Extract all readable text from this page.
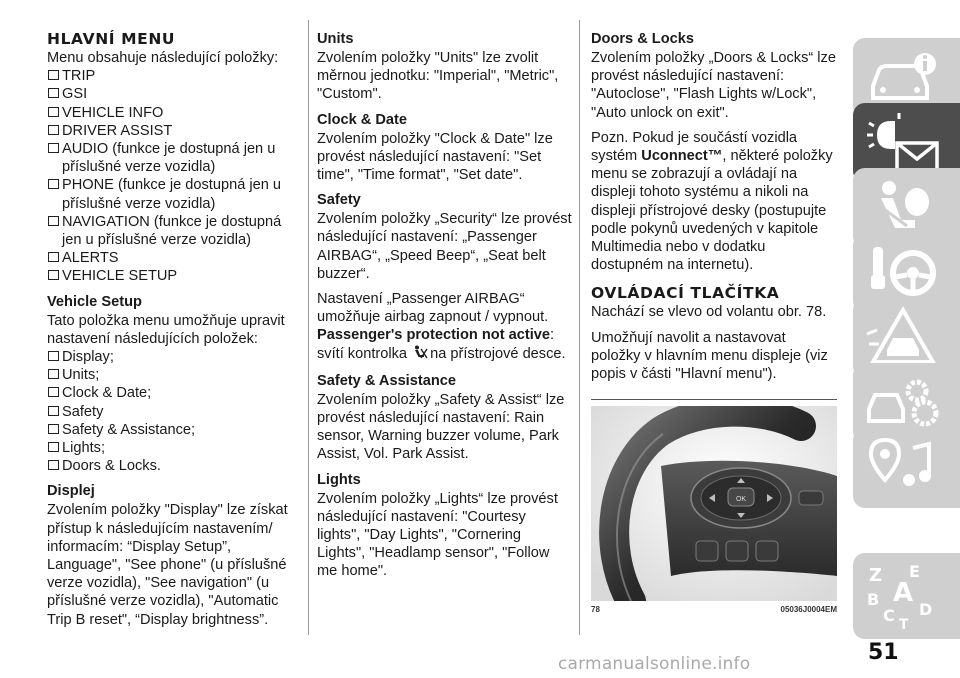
HLAVNÍ MENU
Menu obsahuje následující položky:
TRIP
GSI
VEHICLE INFO
DRIVER ASSIST
AUDIO (funkce je dostupná jen u příslušné verze vozidla)
PHONE (funkce je dostupná jen u příslušné verze vozidla)
NAVIGATION (funkce je dostupná jen u příslušné verze vozidla)
ALERTS
VEHICLE SETUP
Vehicle Setup
Tato položka menu umožňuje upravit nastavení následujících položek:
Display;
Units;
Clock & Date;
Safety
Safety & Assistance;
Lights;
Doors & Locks.
Displej
Zvolením položky "Display" lze získat přístup k následujícím nastavením/ informacím: “Display Setup”, Language", "See phone" (u příslušné verze vozidla), "See navigation" (u příslušné verze vozidla), "Automatic Trip B reset", “Display brightness”.
Units
Zvolením položky "Units" lze zvolit měrnou jednotku: "Imperial", "Metric", "Custom".
Clock & Date
Zvolením položky "Clock & Date" lze provést následující nastavení: "Set time", "Time format", "Set date".
Safety
Zvolením položky „Security“ lze provést následující nastavení: „Passenger AIRBAG“, „Speed Beep“, „Seat belt buzzer“.
Nastavení „Passenger AIRBAG“ umožňuje airbag zapnout / vypnout.
Passenger's protection not active: svítí kontrolka na přístrojové desce.
Safety & Assistance
Zvolením položky „Safety & Assist“ lze provést následující nastavení: Rain sensor, Warning buzzer volume, Park Assist, Vol. Park Assist.
Lights
Zvolením položky „Lights“ lze provést následující nastavení: "Courtesy lights", "Day Lights", "Cornering Lights", "Headlamp sensor", "Follow me home".
Doors & Locks
Zvolením položky „Doors & Locks“ lze provést následující nastavení: "Autoclose", "Flash Lights w/Lock", "Auto unlock on exit".
Pozn. Pokud je součástí vozidla systém Uconnect™, některé položky menu se zobrazují a ovládají na displeji tohoto systému a nikoli na displeji přístrojové desky (postupujte podle pokynů uvedených v kapitole Multimedia nebo v dodatku dostupném na internetu).
OVLÁDACÍ TLAČÍTKA
Nachází se vlevo od volantu obr. 78.
Umožňují navolit a nastavovat položky v hlavním menu displeje (viz popis v části "Hlavní menu").
OK
78	05036J0004EM
Z E
B A
D
C T
51
carmanualsonline.info
